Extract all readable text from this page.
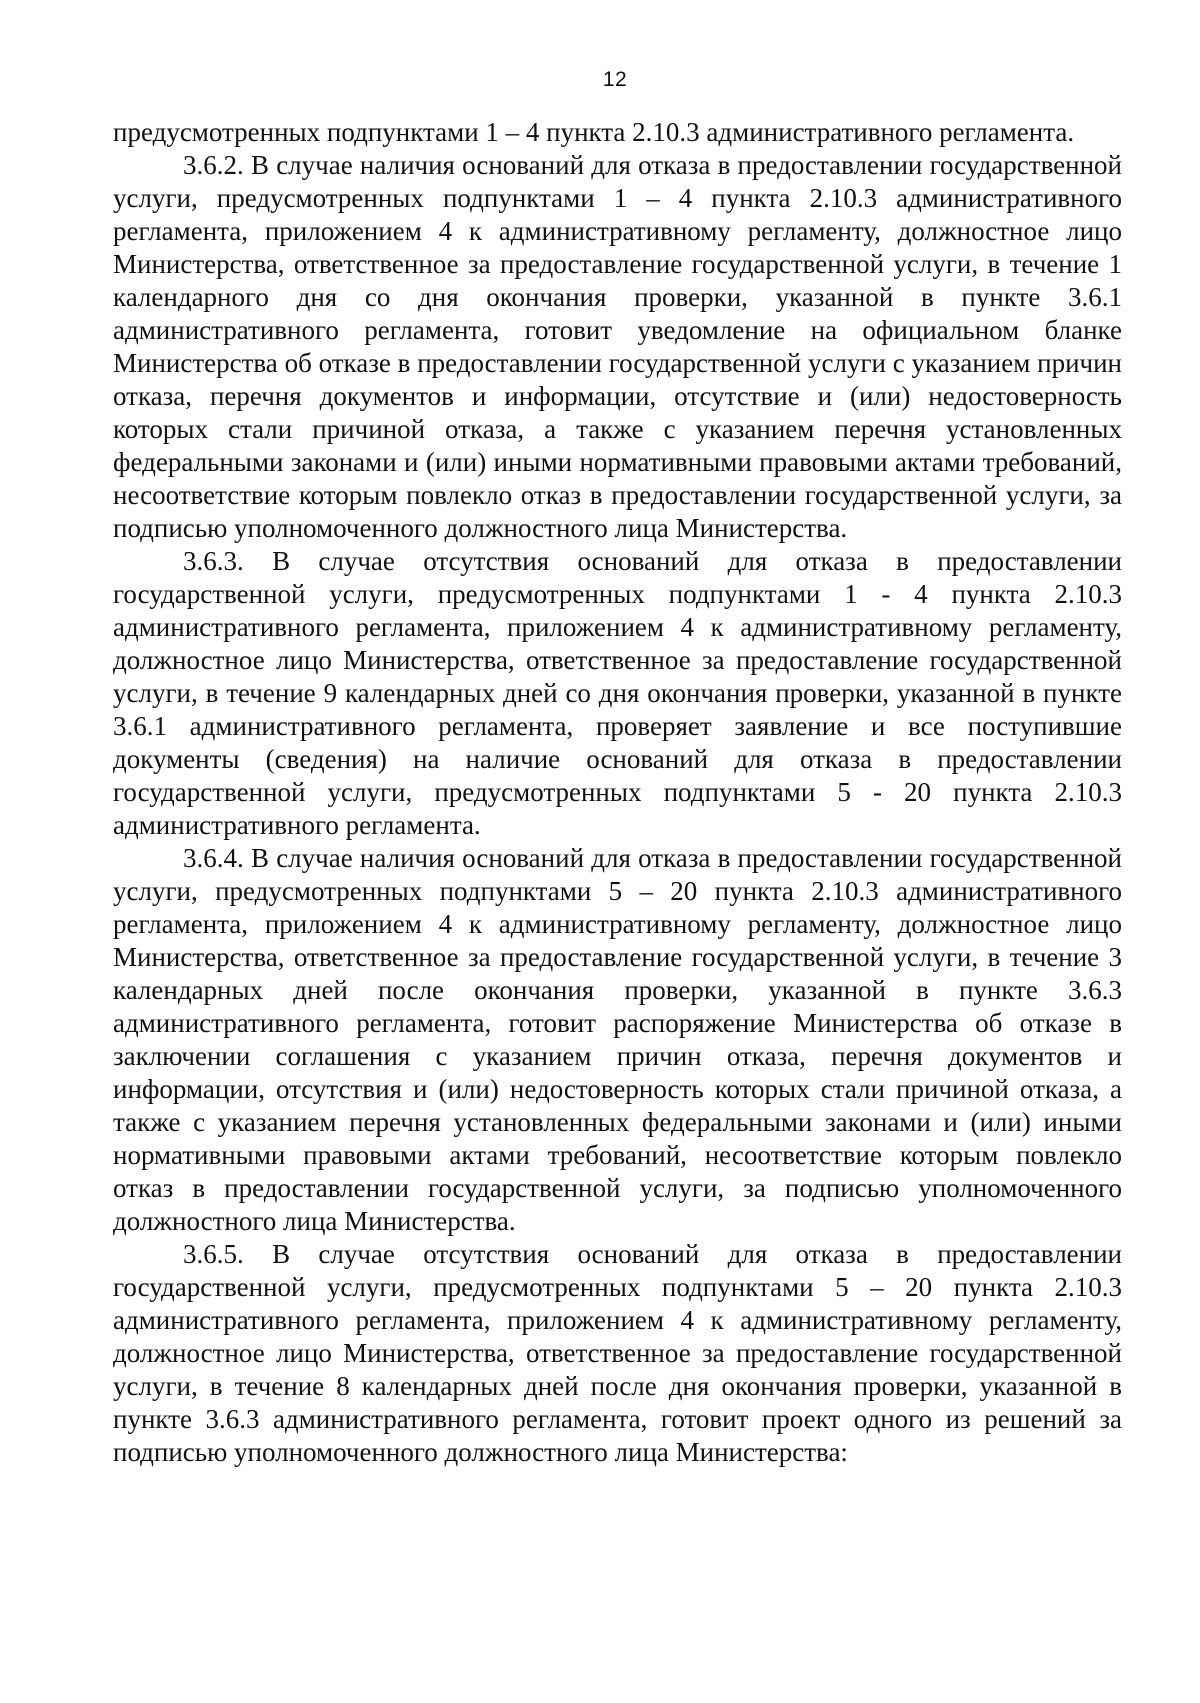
12

предусмотренных подпунктами 1 – 4 пункта 2.10.3 административного регламента.

3.6.2. В случае наличия оснований для отказа в предоставлении государственной услуги, предусмотренных подпунктами 1 – 4 пункта 2.10.3 административного регламента, приложением 4 к административному регламенту, должностное лицо Министерства, ответственное за предоставление государственной услуги, в течение 1 календарного дня со дня окончания проверки, указанной в пункте 3.6.1 административного регламента, готовит уведомление на официальном бланке Министерства об отказе в предоставлении государственной услуги с указанием причин отказа, перечня документов и информации, отсутствие и (или) недостоверность которых стали причиной отказа, а также с указанием перечня установленных федеральными законами и (или) иными нормативными правовыми актами требований, несоответствие которым повлекло отказ в предоставлении государственной услуги, за подписью уполномоченного должностного лица Министерства.

3.6.3. В случае отсутствия оснований для отказа в предоставлении государственной услуги, предусмотренных подпунктами 1 - 4 пункта 2.10.3 административного регламента, приложением 4 к административному регламенту, должностное лицо Министерства, ответственное за предоставление государственной услуги, в течение 9 календарных дней со дня окончания проверки, указанной в пункте 3.6.1 административного регламента, проверяет заявление и все поступившие документы (сведения) на наличие оснований для отказа в предоставлении государственной услуги, предусмотренных подпунктами 5 - 20 пункта 2.10.3 административного регламента.

3.6.4. В случае наличия оснований для отказа в предоставлении государственной услуги, предусмотренных подпунктами 5 – 20 пункта 2.10.3 административного регламента, приложением 4 к административному регламенту, должностное лицо Министерства, ответственное за предоставление государственной услуги, в течение 3 календарных дней после окончания проверки, указанной в пункте 3.6.3 административного регламента, готовит распоряжение Министерства об отказе в заключении соглашения с указанием причин отказа, перечня документов и информации, отсутствия и (или) недостоверность которых стали причиной отказа, а также с указанием перечня установленных федеральными законами и (или) иными нормативными правовыми актами требований, несоответствие которым повлекло отказ в предоставлении государственной услуги, за подписью уполномоченного должностного лица Министерства.

3.6.5. В случае отсутствия оснований для отказа в предоставлении государственной услуги, предусмотренных подпунктами 5 – 20 пункта 2.10.3 административного регламента, приложением 4 к административному регламенту, должностное лицо Министерства, ответственное за предоставление государственной услуги, в течение 8 календарных дней после дня окончания проверки, указанной в пункте 3.6.3 административного регламента, готовит проект одного из решений за подписью уполномоченного должностного лица Министерства:
